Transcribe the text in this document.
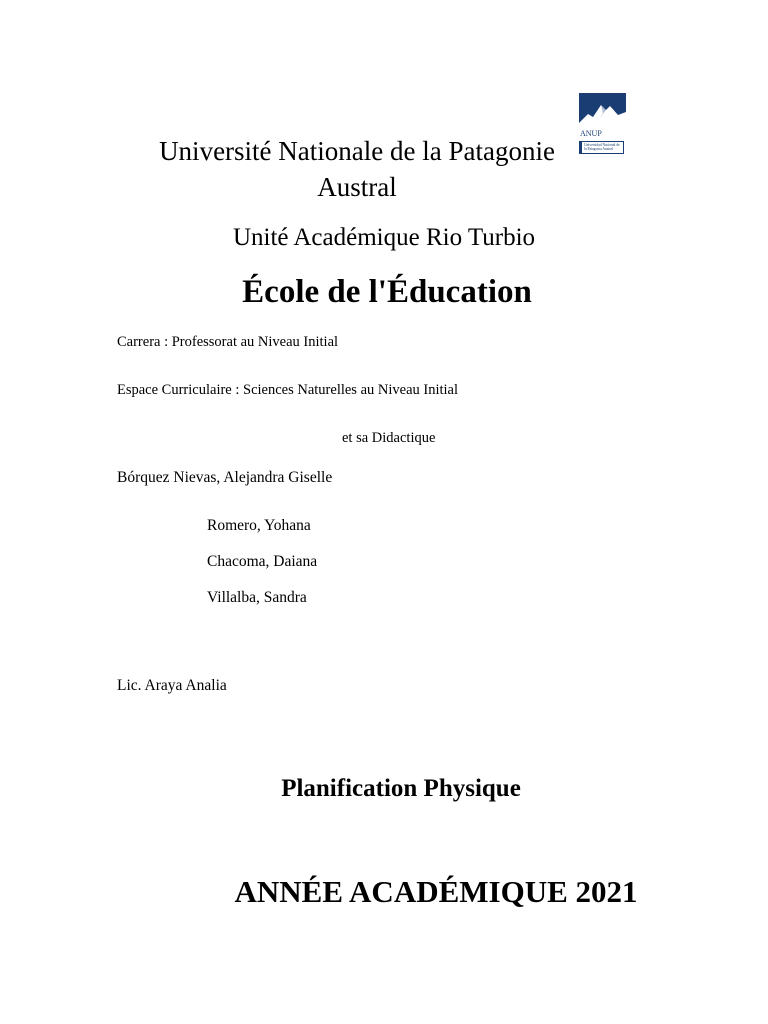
ANUP
Universidad Nacional de la Patagonia Austral
Université Nationale de la Patagonie Austral
Unité Académique Rio Turbio
École de l'Éducation
Carrera : Professorat au Niveau Initial
Espace Curriculaire : Sciences Naturelles au Niveau Initial
et sa Didactique
Bórquez Nievas, Alejandra Giselle
Romero, Yohana
Chacoma, Daiana
Villalba, Sandra
Lic. Araya Analia
Planification Physique
ANNÉE ACADÉMIQUE 2021
